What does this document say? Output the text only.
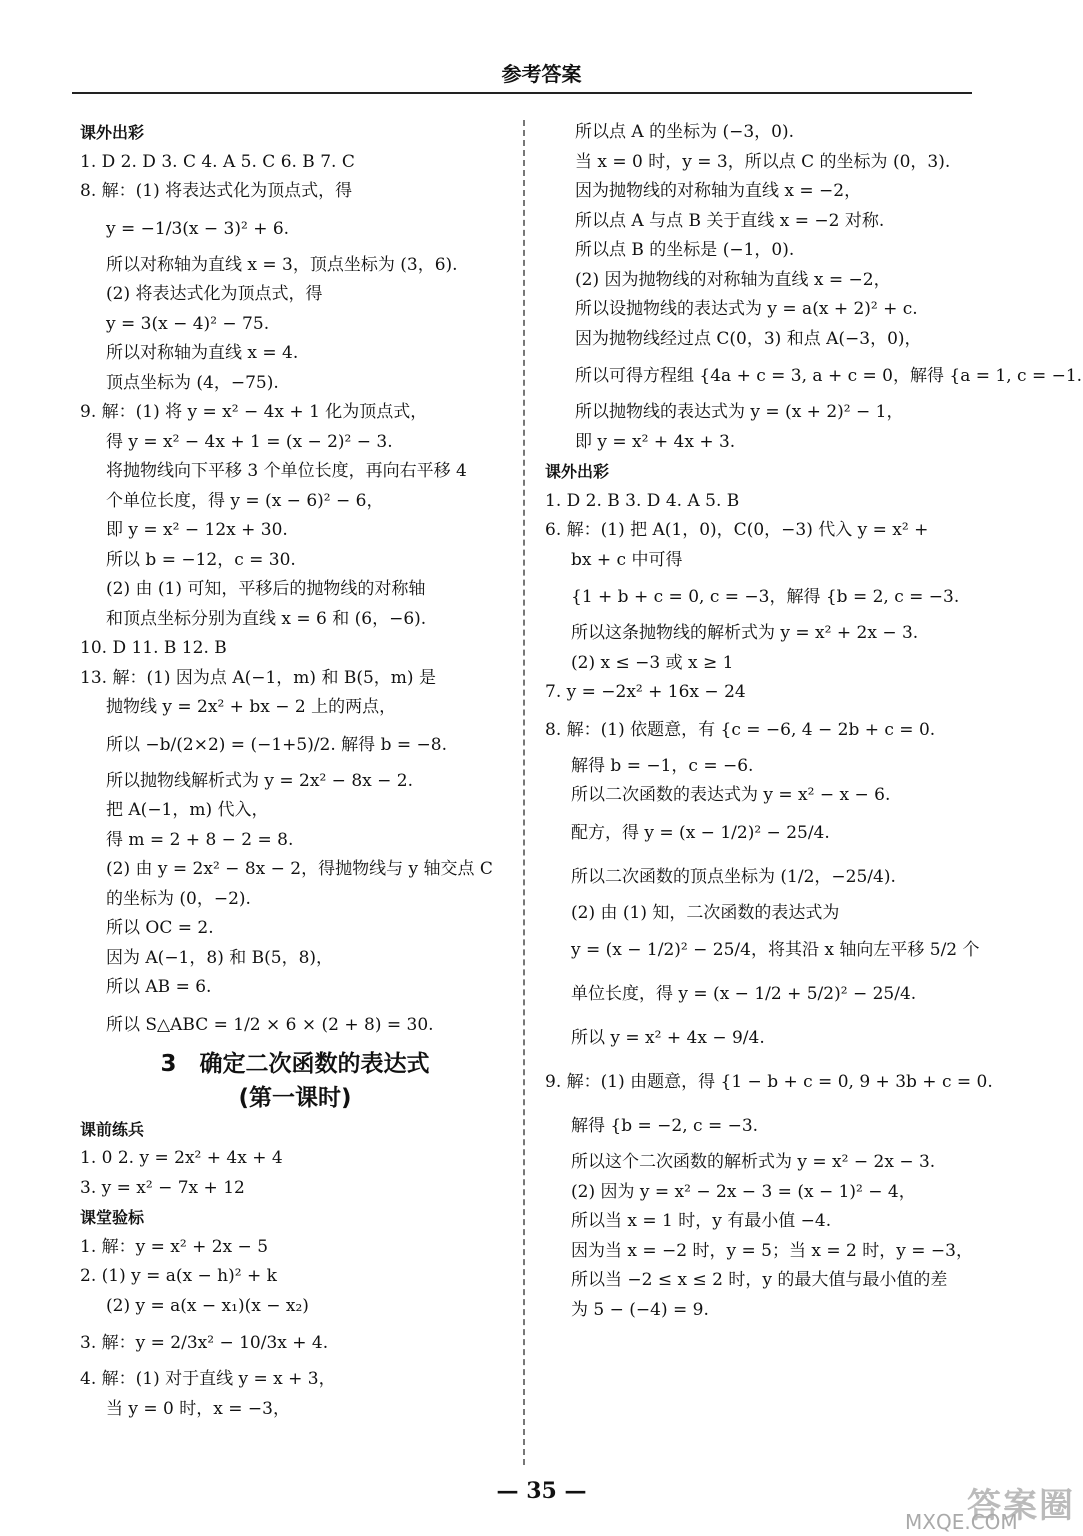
参考答案
课外出彩
1. D 2. D 3. C 4. A 5. C 6. B 7. C
8. 解：(1) 将表达式化为顶点式，得
y = −1/3(x − 3)² + 6.
所以对称轴为直线 x = 3，顶点坐标为 (3，6).
(2) 将表达式化为顶点式，得
y = 3(x − 4)² − 75.
所以对称轴为直线 x = 4.
顶点坐标为 (4，−75).
9. 解：(1) 将 y = x² − 4x + 1 化为顶点式，
得 y = x² − 4x + 1 = (x − 2)² − 3.
将抛物线向下平移 3 个单位长度，再向右平移 4
个单位长度，得 y = (x − 6)² − 6，
即 y = x² − 12x + 30.
所以 b = −12，c = 30.
(2) 由 (1) 可知，平移后的抛物线的对称轴
和顶点坐标分别为直线 x = 6 和 (6，−6).
10. D 11. B 12. B
13. 解：(1) 因为点 A(−1，m) 和 B(5，m) 是
抛物线 y = 2x² + bx − 2 上的两点，
所以 −b/(2×2) = (−1+5)/2. 解得 b = −8.
所以抛物线解析式为 y = 2x² − 8x − 2.
把 A(−1，m) 代入，
得 m = 2 + 8 − 2 = 8.
(2) 由 y = 2x² − 8x − 2，得抛物线与 y 轴交点 C
的坐标为 (0，−2).
所以 OC = 2.
因为 A(−1，8) 和 B(5，8)，
所以 AB = 6.
所以 S△ABC = 1/2 × 6 × (2 + 8) = 30.
3　确定二次函数的表达式
(第一课时)
课前练兵
1. 0 2. y = 2x² + 4x + 4
3. y = x² − 7x + 12
课堂验标
1. 解：y = x² + 2x − 5
2. (1) y = a(x − h)² + k
(2) y = a(x − x₁)(x − x₂)
3. 解：y = 2/3x² − 10/3x + 4.
4. 解：(1) 对于直线 y = x + 3，
当 y = 0 时，x = −3，
所以点 A 的坐标为 (−3，0).
当 x = 0 时，y = 3，所以点 C 的坐标为 (0，3).
因为抛物线的对称轴为直线 x = −2，
所以点 A 与点 B 关于直线 x = −2 对称.
所以点 B 的坐标是 (−1，0).
(2) 因为抛物线的对称轴为直线 x = −2，
所以设抛物线的表达式为 y = a(x + 2)² + c.
因为抛物线经过点 C(0，3) 和点 A(−3，0)，
所以可得方程组 {4a + c = 3, a + c = 0，解得 {a = 1, c = −1.
所以抛物线的表达式为 y = (x + 2)² − 1，
即 y = x² + 4x + 3.
课外出彩
1. D 2. B 3. D 4. A 5. B
6. 解：(1) 把 A(1，0)，C(0，−3) 代入 y = x² +
bx + c 中可得
{1 + b + c = 0, c = −3，解得 {b = 2, c = −3.
所以这条抛物线的解析式为 y = x² + 2x − 3.
(2) x ≤ −3 或 x ≥ 1
7. y = −2x² + 16x − 24
8. 解：(1) 依题意，有 {c = −6, 4 − 2b + c = 0.
解得 b = −1，c = −6.
所以二次函数的表达式为 y = x² − x − 6.
配方，得 y = (x − 1/2)² − 25/4.
所以二次函数的顶点坐标为 (1/2，−25/4).
(2) 由 (1) 知，二次函数的表达式为
y = (x − 1/2)² − 25/4，将其沿 x 轴向左平移 5/2 个
单位长度，得 y = (x − 1/2 + 5/2)² − 25/4.
所以 y = x² + 4x − 9/4.
9. 解：(1) 由题意，得 {1 − b + c = 0, 9 + 3b + c = 0.
解得 {b = −2, c = −3.
所以这个二次函数的解析式为 y = x² − 2x − 3.
(2) 因为 y = x² − 2x − 3 = (x − 1)² − 4，
所以当 x = 1 时，y 有最小值 −4.
因为当 x = −2 时，y = 5；当 x = 2 时，y = −3，
所以当 −2 ≤ x ≤ 2 时，y 的最大值与最小值的差
为 5 − (−4) = 9.
— 35 —	答案圈
MXQE.COM
